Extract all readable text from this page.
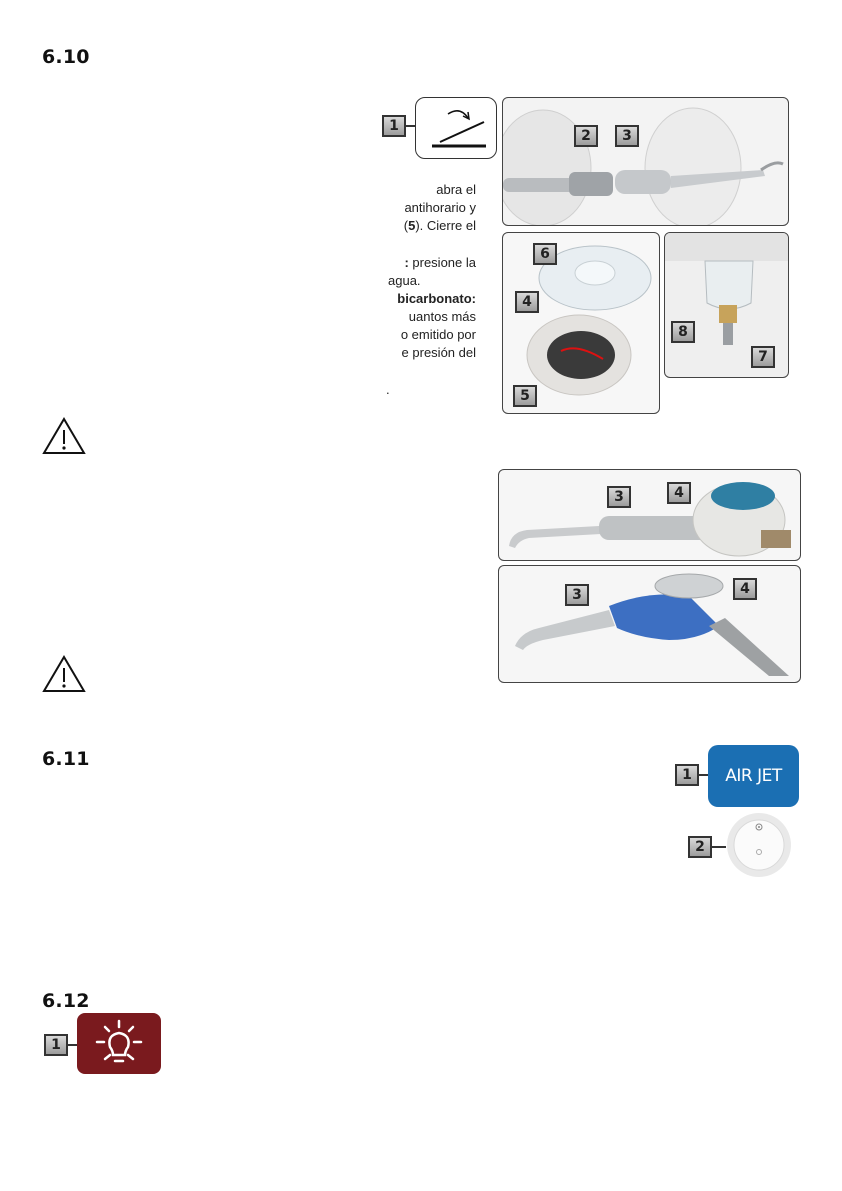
6.10
6.11
6.12
1
abra el
antihorario y
(5). Cierre el
: presione la
agua.
bicarbonato:
uantos más
o emitido por
e presión del
.
2	3
6
4
5
8
7
3	4
3	4
1	AIR JET
2
1
